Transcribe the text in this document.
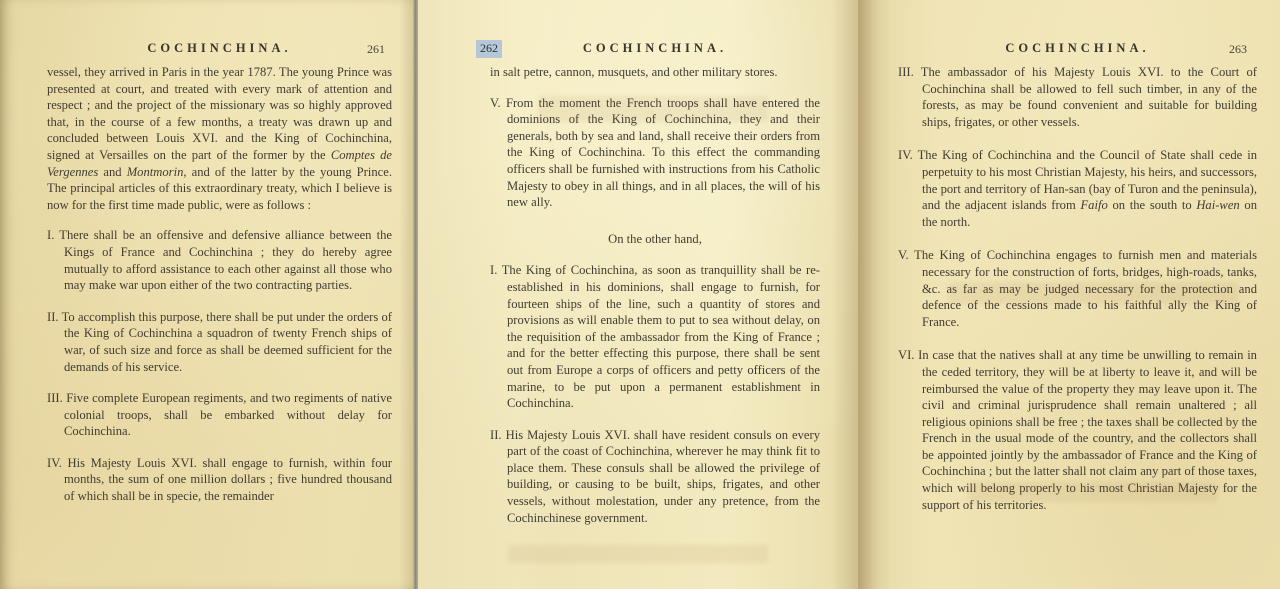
COCHINCHINA.	261

vessel, they arrived in Paris in the year 1787. The young Prince was presented at court, and treated with every mark of attention and respect ; and the project of the missionary was so highly approved that, in the course of a few months, a treaty was drawn up and concluded between Louis XVI. and the King of Cochinchina, signed at Versailles on the part of the former by the Comptes de Vergennes and Montmorin, and of the latter by the young Prince. The principal articles of this extraordinary treaty, which I believe is now for the first time made public, were as follows :

I. There shall be an offensive and defensive alliance between the Kings of France and Cochinchina ; they do hereby agree mutually to afford assistance to each other against all those who may make war upon either of the two contracting parties.

II. To accomplish this purpose, there shall be put under the orders of the King of Cochinchina a squadron of twenty French ships of war, of such size and force as shall be deemed sufficient for the demands of his service.

III. Five complete European regiments, and two regiments of native colonial troops, shall be embarked without delay for Cochinchina.

IV. His Majesty Louis XVI. shall engage to furnish, within four months, the sum of one million dollars ; five hundred thousand of which shall be in specie, the remainder

262	COCHINCHINA.

in salt petre, cannon, musquets, and other military stores.

V. From the moment the French troops shall have entered the dominions of the King of Cochinchina, they and their generals, both by sea and land, shall receive their orders from the King of Cochinchina. To this effect the commanding officers shall be furnished with instructions from his Catholic Majesty to obey in all things, and in all places, the will of his new ally.

On the other hand,

I. The King of Cochinchina, as soon as tranquillity shall be re-established in his dominions, shall engage to furnish, for fourteen ships of the line, such a quantity of stores and provisions as will enable them to put to sea without delay, on the requisition of the ambassador from the King of France ; and for the better effecting this purpose, there shall be sent out from Europe a corps of officers and petty officers of the marine, to be put upon a permanent establishment in Cochinchina.

II. His Majesty Louis XVI. shall have resident consuls on every part of the coast of Cochinchina, wherever he may think fit to place them. These consuls shall be allowed the privilege of building, or causing to be built, ships, frigates, and other vessels, without molestation, under any pretence, from the Cochinchinese government.

COCHINCHINA.	263

III. The ambassador of his Majesty Louis XVI. to the Court of Cochinchina shall be allowed to fell such timber, in any of the forests, as may be found convenient and suitable for building ships, frigates, or other vessels.

IV. The King of Cochinchina and the Council of State shall cede in perpetuity to his most Christian Majesty, his heirs, and successors, the port and territory of Han-san (bay of Turon and the peninsula), and the adjacent islands from Faifo on the south to Hai-wen on the north.

V. The King of Cochinchina engages to furnish men and materials necessary for the construction of forts, bridges, high-roads, tanks, &c. as far as may be judged necessary for the protection and defence of the cessions made to his faithful ally the King of France.

VI. In case that the natives shall at any time be unwilling to remain in the ceded territory, they will be at liberty to leave it, and will be reimbursed the value of the property they may leave upon it. The civil and criminal jurisprudence shall remain unaltered ; all religious opinions shall be free ; the taxes shall be collected by the French in the usual mode of the country, and the collectors shall be appointed jointly by the ambassador of France and the King of Cochinchina ; but the latter shall not claim any part of those taxes, which will belong properly to his most Christian Majesty for the support of his territories.
